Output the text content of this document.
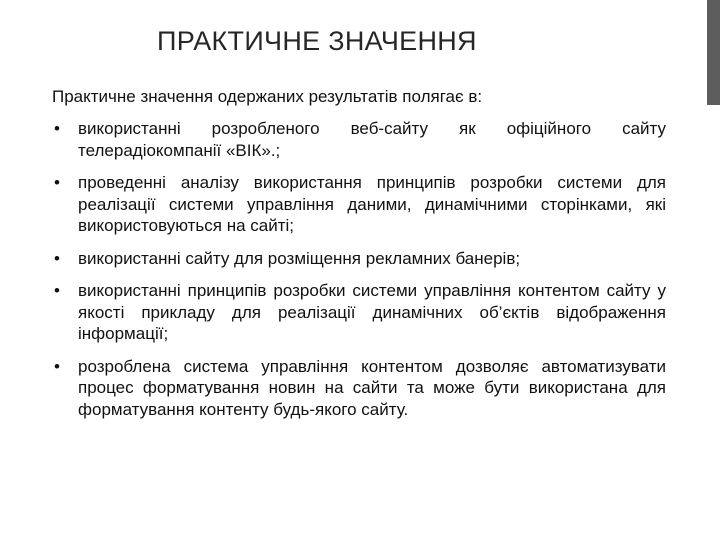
ПРАКТИЧНЕ ЗНАЧЕННЯ

Практичне значення одержаних результатів полягає в:

• використанні розробленого веб-сайту як офіційного сайту телерадіокомпанії «ВІК».;
• проведенні аналізу використання принципів розробки системи для реалізації системи управління даними, динамічними сторінками, які використовуються на сайті;
• використанні сайту для розміщення рекламних банерів;
• використанні принципів розробки системи управління контентом сайту у якості прикладу для реалізації динамічних об’єктів відображення інформації;
• розроблена система управління контентом дозволяє автоматизувати процес форматування новин на сайти та може бути використана для форматування контенту будь-якого сайту.
